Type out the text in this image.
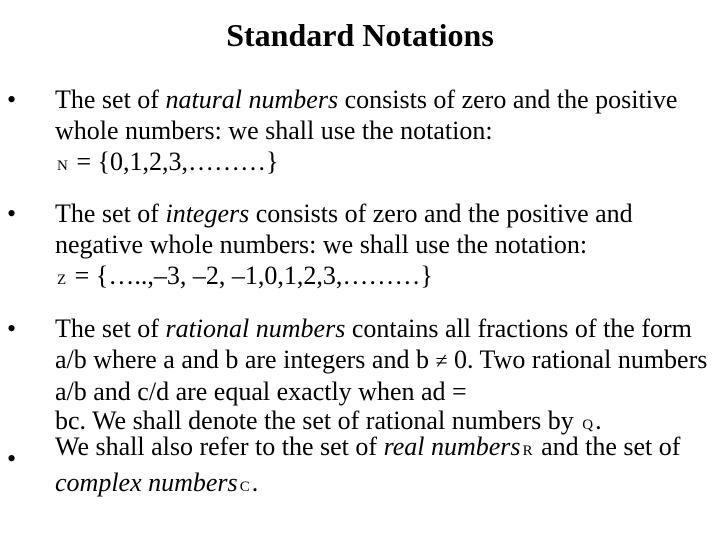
Standard Notations
• The set of natural numbers consists of zero and the positive whole numbers: we shall use the notation:
N = {0,1,2,3,………}
• The set of integers consists of zero and the positive and negative whole numbers: we shall use the notation:
Z = {…..,–3, –2, –1,0,1,2,3,………}
• The set of rational numbers contains all fractions of the form a/b where a and b are integers and b ≠ 0. Two rational numbers a/b and c/d are equal exactly when ad =
bc. We shall denote the set of rational numbers by Q.
• We shall also refer to the set of real numbers R and the set of complex numbers C.
